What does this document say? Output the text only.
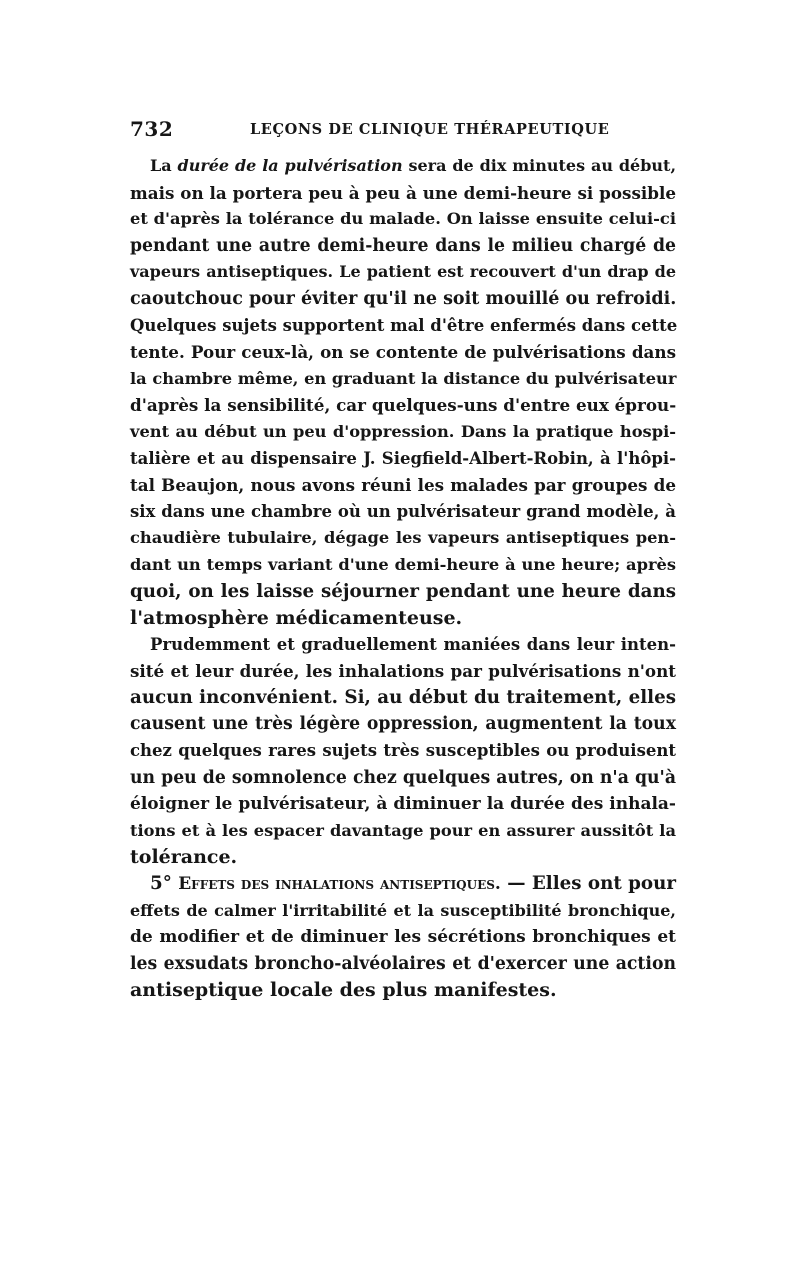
732	LEÇONS DE CLINIQUE THÉRAPEUTIQUE
La durée de la pulvérisation sera de dix minutes au début,
mais on la portera peu à peu à une demi-heure si possible
et d'après la tolérance du malade. On laisse ensuite celui-ci
pendant une autre demi-heure dans le milieu chargé de
vapeurs antiseptiques. Le patient est recouvert d'un drap de
caoutchouc pour éviter qu'il ne soit mouillé ou refroidi.
Quelques sujets supportent mal d'être enfermés dans cette
tente. Pour ceux-là, on se contente de pulvérisations dans
la chambre même, en graduant la distance du pulvérisateur
d'après la sensibilité, car quelques-uns d'entre eux éprou-
vent au début un peu d'oppression. Dans la pratique hospi-
talière et au dispensaire J. Siegfield-Albert-Robin, à l'hôpi-
tal Beaujon, nous avons réuni les malades par groupes de
six dans une chambre où un pulvérisateur grand modèle, à
chaudière tubulaire, dégage les vapeurs antiseptiques pen-
dant un temps variant d'une demi-heure à une heure; après
quoi, on les laisse séjourner pendant une heure dans
l'atmosphère médicamenteuse.
Prudemment et graduellement maniées dans leur inten-
sité et leur durée, les inhalations par pulvérisations n'ont
aucun inconvénient. Si, au début du traitement, elles
causent une très légère oppression, augmentent la toux
chez quelques rares sujets très susceptibles ou produisent
un peu de somnolence chez quelques autres, on n'a qu'à
éloigner le pulvérisateur, à diminuer la durée des inhala-
tions et à les espacer davantage pour en assurer aussitôt la
tolérance.
5° Effets des inhalations antiseptiques. — Elles ont pour
effets de calmer l'irritabilité et la susceptibilité bronchique,
de modifier et de diminuer les sécrétions bronchiques et
les exsudats broncho-alvéolaires et d'exercer une action
antiseptique locale des plus manifestes.
